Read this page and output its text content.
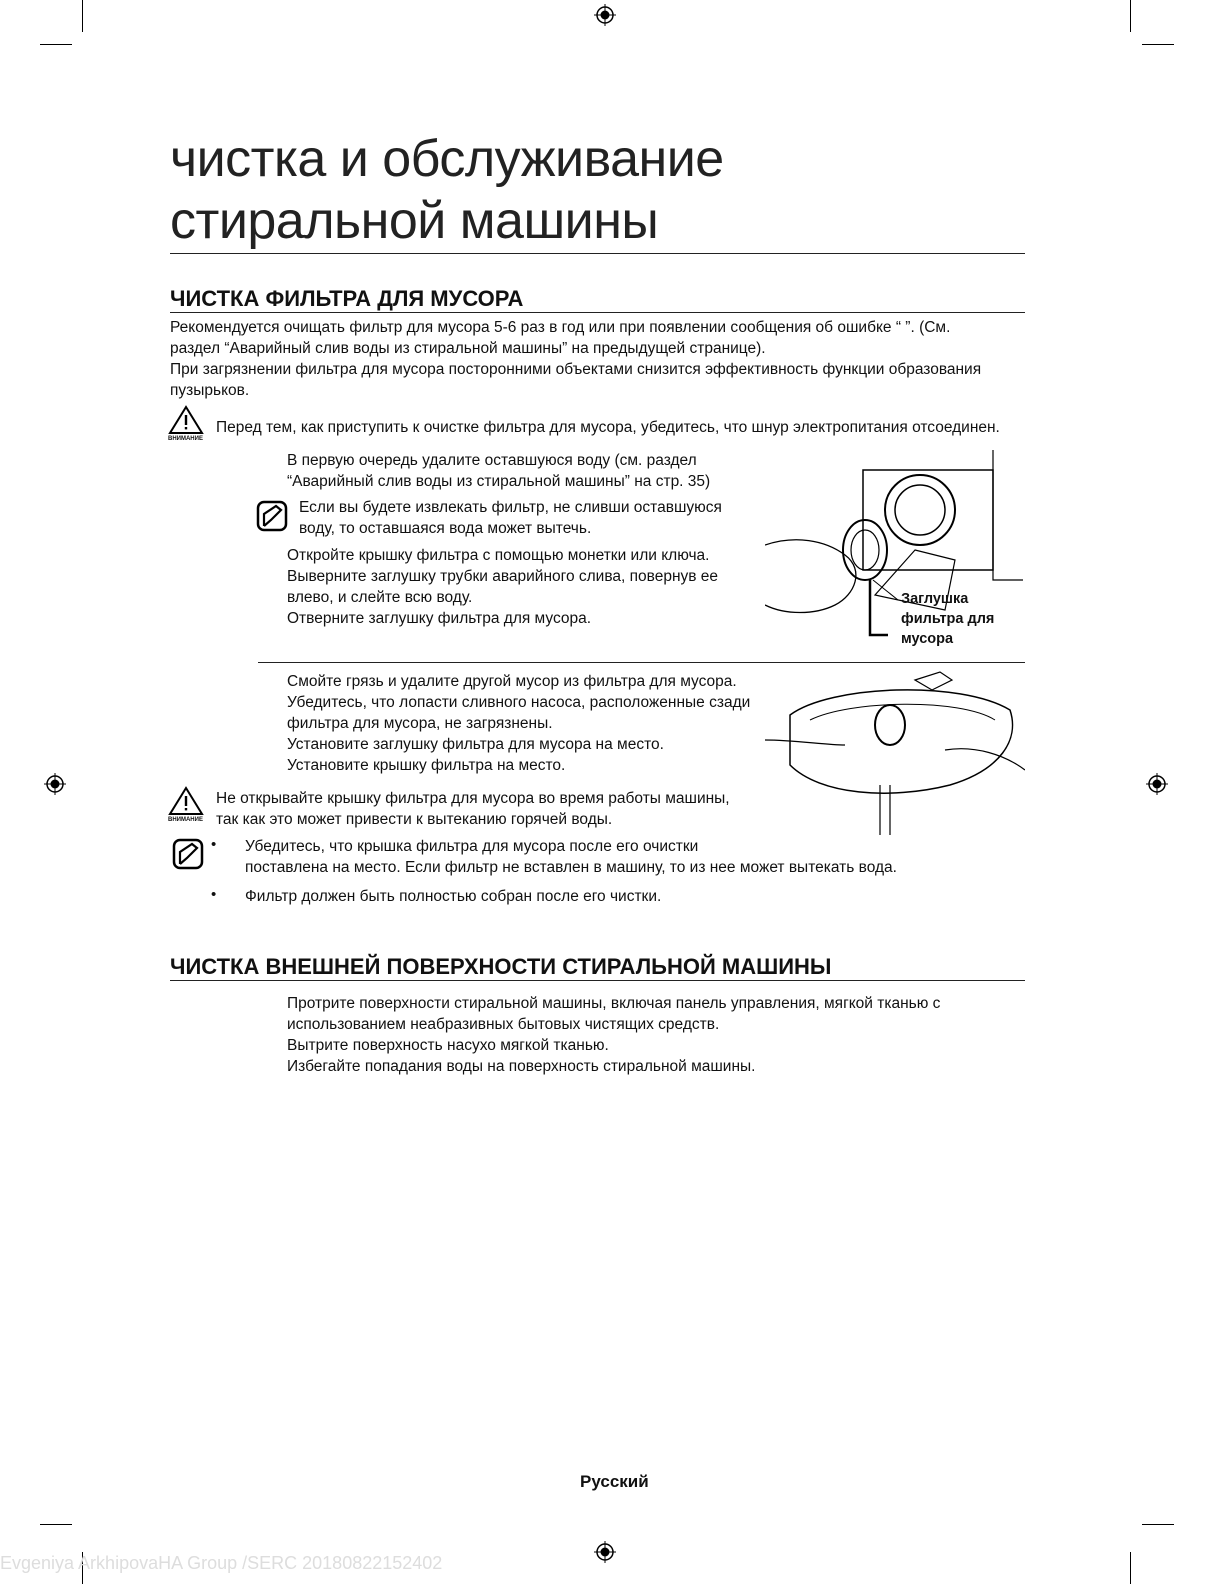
чистка и обслуживание
стиральной машины
ЧИСТКА ФИЛЬТРА ДЛЯ МУСОРА
Рекомендуется очищать фильтр для мусора 5-6 раз в год или при появлении сообщения об ошибке “ ”. (См.
раздел “Аварийный слив воды из стиральной машины” на предыдущей странице).
При загрязнении фильтра для мусора посторонними объектами снизится эффективность функции образования
пузырьков.
ВНИМАНИЕ
Перед тем, как приступить к очистке фильтра для мусора, убедитесь, что шнур электропитания отсоединен.
В первую очередь удалите оставшуюся воду (см. раздел
“Аварийный слив воды из стиральной машины” на стр. 35)
Если вы будете извлекать фильтр, не сливши оставшуюся
воду, то оставшаяся вода может вытечь.
Откройте крышку фильтра с помощью монетки или ключа.
Выверните заглушку трубки аварийного слива, повернув ее
влево, и слейте всю воду.
Отверните заглушку фильтра для мусора.
Заглушка
фильтра для
мусора
Смойте грязь и удалите другой мусор из фильтра для мусора.
Убедитесь, что лопасти сливного насоса, расположенные сзади
фильтра для мусора, не загрязнены.
Установите заглушку фильтра для мусора на место.
Установите крышку фильтра на место.
ВНИМАНИЕ
Не открывайте крышку фильтра для мусора во время работы машины,
так как это может привести к вытеканию горячей воды.
• Убедитесь, что крышка фильтра для мусора после его очистки
поставлена на место. Если фильтр не вставлен в машину, то из нее может вытекать вода.
• Фильтр должен быть полностью собран после его чистки.
ЧИСТКА ВНЕШНЕЙ ПОВЕРХНОСТИ СТИРАЛЬНОЙ МАШИНЫ
Протрите поверхности стиральной машины, включая панель управления, мягкой тканью с
использованием неабразивных бытовых чистящих средств.
Вытрите поверхность насухо мягкой тканью.
Избегайте попадания воды на поверхность стиральной машины.
Русский
Evgeniya ArkhipovaHA Group /SERC 20180822152402
